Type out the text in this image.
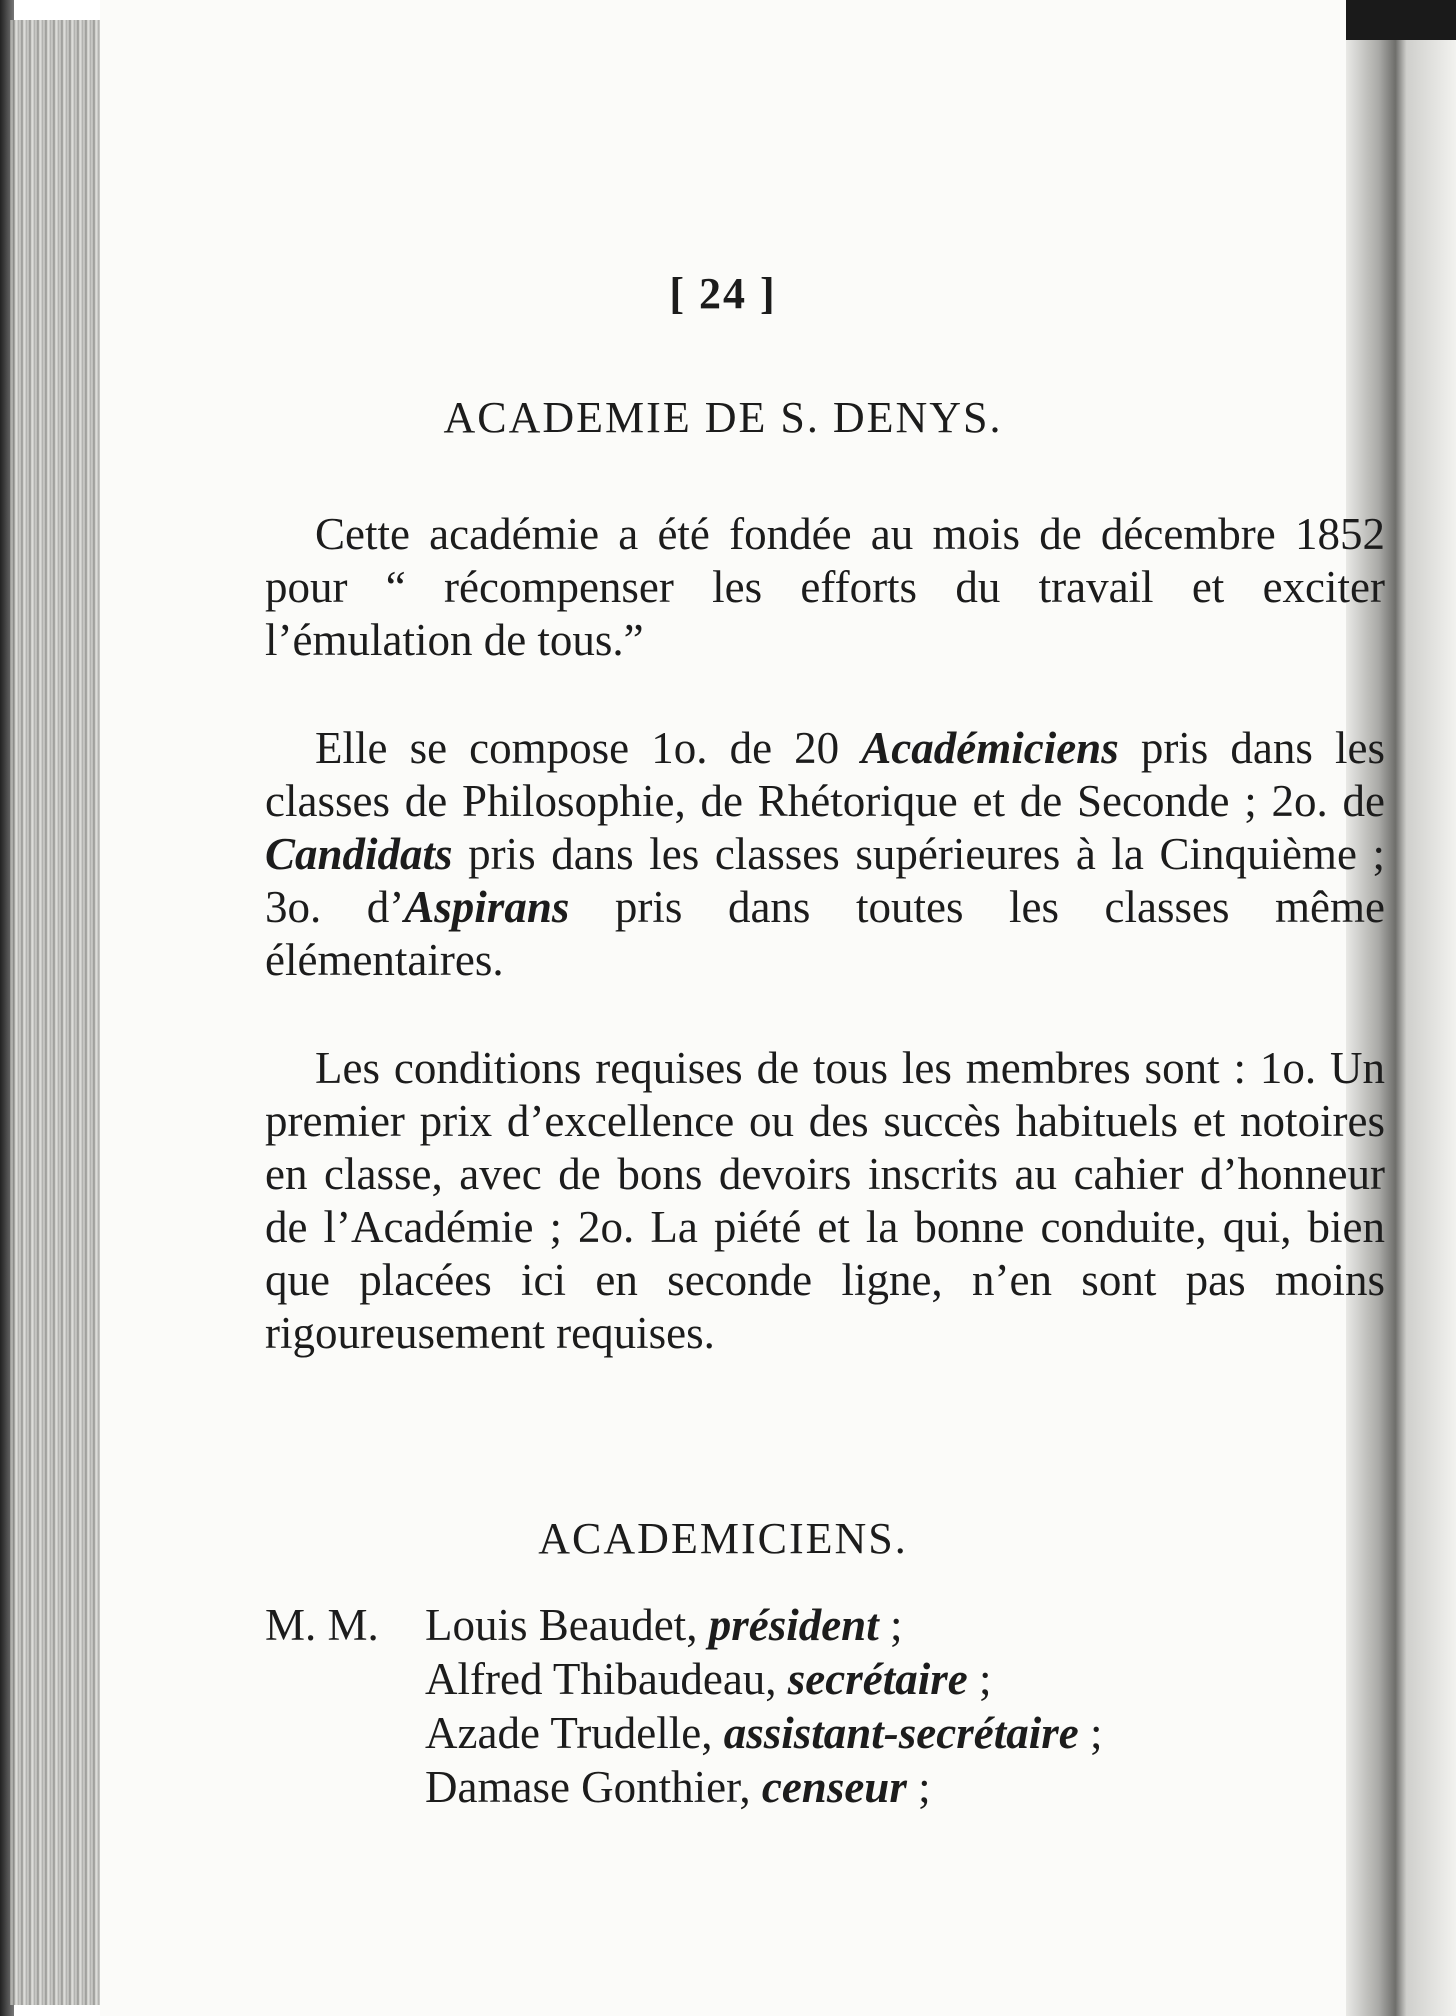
[ 24 ]
ACADEMIE DE S. DENYS.

Cette académie a été fondée au mois de décembre 1852 pour “ récompenser les efforts du travail et exciter l’émulation de tous.”

Elle se compose 1o. de 20 Académiciens pris dans les classes de Philosophie, de Rhétorique et de Seconde ; 2o. de Candidats pris dans les classes supérieures à la Cinquième ; 3o. d’Aspirans pris dans toutes les classes même élémentaires.

Les conditions requises de tous les membres sont : 1o. Un premier prix d’excellence ou des succès habituels et notoires en classe, avec de bons devoirs inscrits au cahier d’honneur de l’Académie ; 2o. La piété et la bonne conduite, qui, bien que placées ici en seconde ligne, n’en sont pas moins rigoureusement requises.

ACADEMICIENS.
M. M.	Louis Beaudet, président ;
Alfred Thibaudeau, secrétaire ;
Azade Trudelle, assistant-secrétaire ;
Damase Gonthier, censeur ;
